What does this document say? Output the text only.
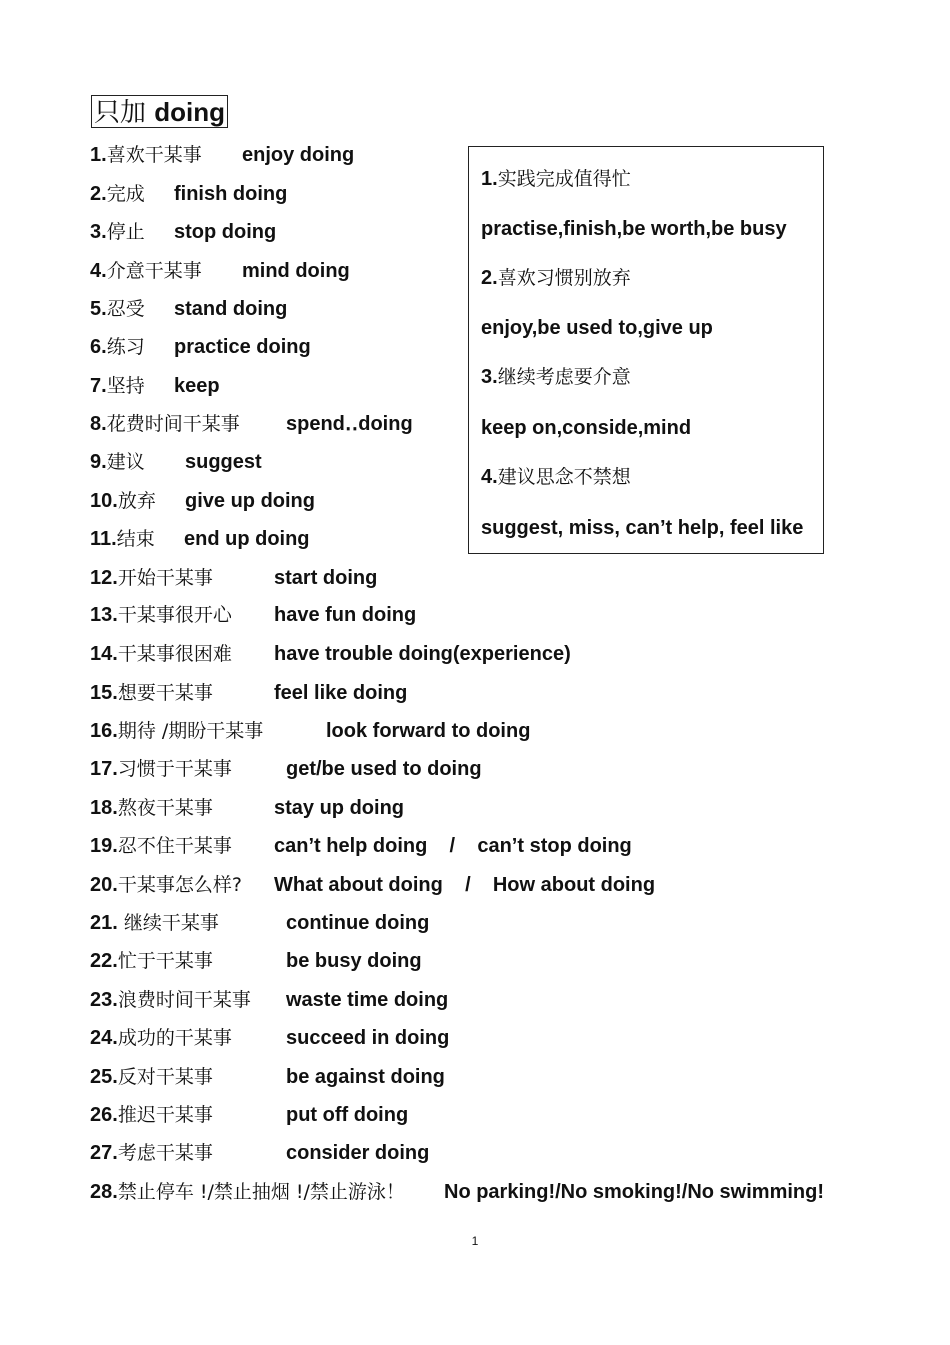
只加 doing
1.喜欢干某事 enjoy doing
2.完成 finish doing
3.停止 stop doing
4.介意干某事 mind doing
5.忍受 stand doing
6.练习 practice doing
7.坚持 keep
8.花费时间干某事 spend‥doing
9.建议 suggest
10.放弃 give up doing
11.结束 end up doing
12.开始干某事	start doing
13.干某事很开心 have fun doing
14.干某事很困难 have trouble doing(experience)
15.想要干某事	feel like doing
16.期待 /期盼干某事	look forward to doing
17.习惯于干某事	get/be used to doing
18.熬夜干某事	stay up doing
19.忍不住干某事 can’t help doing    /    can’t stop doing
20.干某事怎么样? What about doing    /    How about doing
21. 继续干某事	continue doing
22.忙于干某事	be busy doing
23.浪费时间干某事 waste time doing
24.成功的干某事	succeed in doing
25.反对干某事	be against doing
26.推迟干某事	put off doing
27.考虑干某事	consider doing
28.禁止停车 !/禁止抽烟 !/禁止游泳！ No parking!/No smoking!/No swimming!
1.实践完成值得忙
practise,finish,be worth,be busy
2.喜欢习惯别放弃
enjoy,be used to,give up
3.继续考虑要介意
keep on,conside,mind
4.建议思念不禁想
suggest, miss, can’t help, feel like
1
